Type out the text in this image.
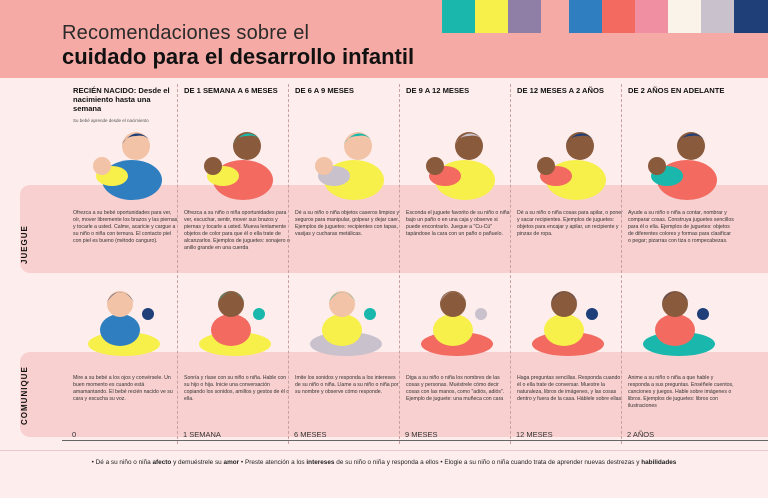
Recomendaciones sobre el
cuidado para el desarrollo infantil
JUEGUE
COMUNIQUE
RECIÉN NACIDO: Desde el nacimiento hasta una semana
Su bebé aprende desde el nacimiento
Ofrezca a su bebé oportunidades para ver, oír, mover libremente los brazos y las piernas y tocarle a usted. Calme, acaricie y cargue a su niño o niña con ternura. El contacto piel con piel es bueno (método canguro).
Mire a su bebé a los ojos y convérsele. Un buen momento es cuando está amamantando. El bebé recién nacido ve su cara y escucha su voz.
0
DE 1 SEMANA A 6 MESES
Ofrezca a su niño o niña oportunidades para ver, escuchar, sentir, mover sus brazos y piernas y tocarle a usted. Mueva lentamente objetos de color para que él o ella trate de alcanzarlos. Ejemplos de juguetes: sonajero o anillo grande en una cuerda
Sonría y ríase con su niño o niña. Hable con su hijo o hija. Inicie una conversación copiando los sonidos, amillos y gestos de él o ella.
1 SEMANA
DE 6 A 9 MESES
Dé a su niño o niña objetos caseros limpios y seguros para manipular, golpear y dejar caer. Ejemplos de juguetes: recipientes con tapas, vasijas y cucharas metálicas.
Imite los sonidos y responda a los intereses de su niño o niña. Llame a su niño o niña por su nombre y observe cómo responde.
6 MESES
DE 9 A 12 MESES
Esconda el juguete favorito de su niño o niña bajo un paño o en una caja y observe si puede encontrarlo. Juegue a "Cu-Cú" tapándose la cara con un paño o pañuelo.
Diga a su niño o niña los nombres de las cosas y personas. Muéstrele cómo decir cosas con las manos, como "adiós, adiós". Ejemplo de juguete: una muñeca con cara
9 MESES
DE 12 MESES A 2 AÑOS
Dé a su niño o niña cosas para apilar, o poner y sacar recipientes. Ejemplos de juguetes: objetos para encajar y apilar, un recipiente y pinzas de ropa.
Haga preguntas sencillas. Responda cuando él o ella trate de conversar. Muestre la naturaleza, libros de imágenes, y las cosas dentro y fuera de la casa. Háblele sobre ellas.
12 MESES
DE 2 AÑOS EN ADELANTE
Ayude a su niño o niña a contar, nombrar y comparar cosas. Construya juguetes sencillos para él o ella. Ejemplos de juguetes: objetos de diferentes colores y formas para clasificar o pegar; pizarras con tiza o rompecabezas.
Anime a su niño o niña a que hable y responda a sus preguntas. Enséñele cuentos, canciones y juegos. Hable sobre imágenes o libros. Ejemplos de juguetes: libros con ilustraciones
2 AÑOS
• Dé a su niño o niña afecto y demuéstrele su amor • Preste atención a los intereses de su niño o niña y responda a ellos • Elogie a su niño o niña cuando trata de aprender nuevas destrezas y habilidades
